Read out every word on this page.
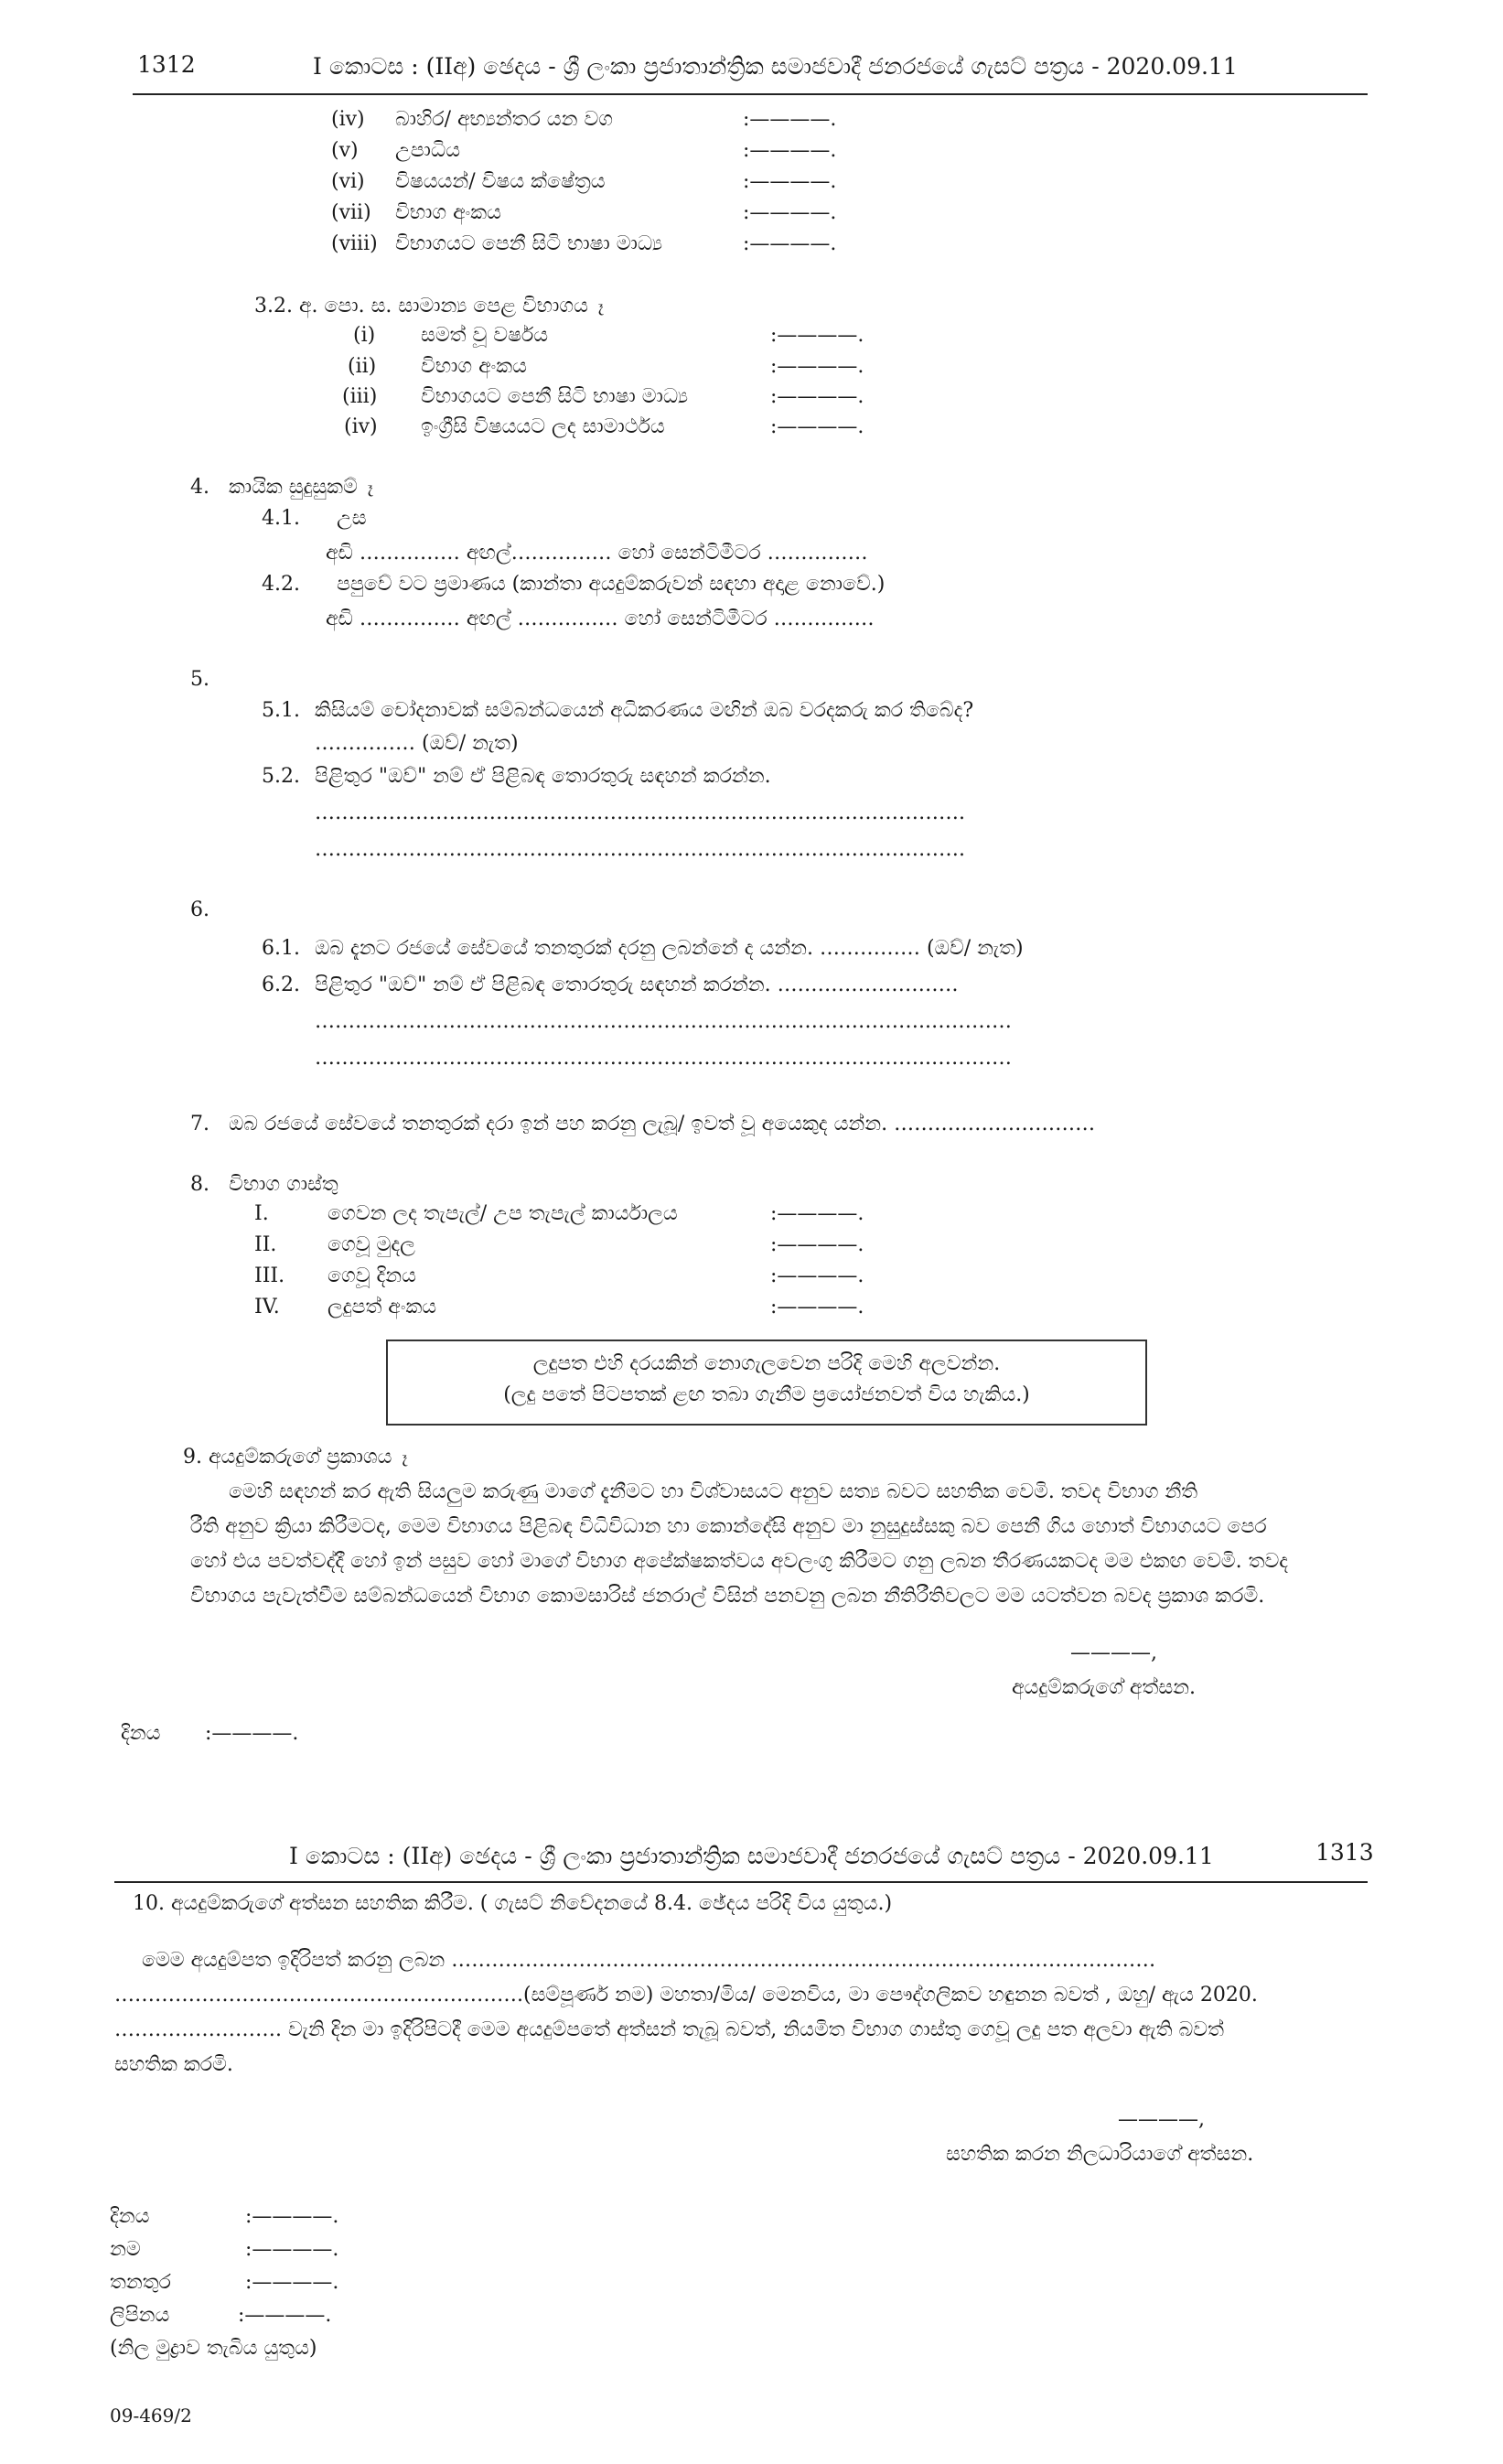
1312	I කොටස : (IIඅ) ඡෙදය - ශ්‍රී ලංකා ප්‍රජාතාන්ත්‍රික සමාජවාදී ජනරජයේ ගැසට් පත්‍රය - 2020.09.11
(iv) බාහිර/ අභ්‍යන්තර යන වග	:————.
(v) උපාධිය	:————.
(vi) විෂයයන්/ විෂය ක්ෂේත්‍රය	:————.
(vii) විභාග අංකය	:————.
(viii) විභාගයට පෙනී සිටි භාෂා මාධ්‍ය	:————.
3.2. අ. පො. ස. සාමාන්‍ය පෙළ විභාගය ෑ
(i) සමත් වූ වර්ෂය	:————.
(ii) විභාග අංකය	:————.
(iii) විභාගයට පෙනී සිටි භාෂා මාධ්‍ය	:————.
(iv) ඉංග්‍රීසි විෂයයට ලද සාමාර්ථය	:————.
4. කායික සුදුසුකම් ෑ
4.1. උස
අඩි …………… අඟල්…………… හෝ සෙන්ටිමීටර ……………
4.2. පපුවේ වට ප්‍රමාණය (කාන්තා අයදුම්කරුවන් සඳහා අදාළ නොවේ.)
අඩි …………… අඟල් …………… හෝ සෙන්ටිමීටර ……………
5.
5.1. කිසියම් චෝදනාවක් සම්බන්ධයෙන් අධිකරණය මඟින් ඔබ වරදකරු කර තිබේද?
…………… (ඔව්/ නැත)
5.2. පිළිතුර "ඔව්" නම් ඒ පිළිබඳ තොරතුරු සඳහන් කරන්න.
…………………………………………………………………………………….
…………………………………………………………………………………….
6.
6.1. ඔබ දැනට රජයේ සේවයේ තනතුරක් දරනු ලබන්නේ ද යන්න. …………… (ඔව්/ නැත)
6.2. පිළිතුර "ඔව්" නම් ඒ පිළිබඳ තොරතුරු සඳහන් කරන්න. ………………………
………………………………………………………………………………..…………
………………………………………………………………………………..…………
7. ඔබ රජයේ සේවයේ තනතුරක් දරා ඉන් පහ කරනු ලැබූ/ ඉවත් වූ අයෙකුද යන්න. …………………………
8. විභාග ගාස්තු
I.	ගෙවන ලද තැපැල්/ උප තැපැල් කාර්යාලය	:————.
II.	ගෙවූ මුදල	:————.
III. ගෙවූ දිනය	:————.
IV. ලදුපත් අංකය	:————.
ලදුපත එහි දරයකින් නොගැලවෙන පරිදි මෙහි අලවන්න.
(ලදු පතේ පිටපතක් ළඟ තබා ගැනීම ප්‍රයෝජනවත් විය හැකිය.)
9. අයදුම්කරුගේ ප්‍රකාශය ෑ
මෙහි සඳහන් කර ඇති සියලුම කරුණු මාගේ දැනීමට හා විශ්වාසයට අනුව සත්‍ය බවට සහතික වෙමි. තවද විභාග නීති
රීති අනුව ක්‍රියා කිරීමටද, මෙම විභාගය පිළිබඳ විධිවිධාන හා කොන්දේසි අනුව මා නුසුදුස්සකු බව පෙනී ගිය හොත් විභාගයට පෙර
හෝ එය පවත්වද්දී හෝ ඉන් පසුව හෝ මාගේ විභාග අපේක්ෂකත්වය අවලංගු කිරීමට ගනු ලබන තීරණයකටද මම එකඟ වෙමි. තවද
විභාගය පැවැත්වීම සම්බන්ධයෙන් විභාග කොමසාරිස් ජනරාල් විසින් පනවනු ලබන නීතිරීතිවලට මම යටත්වන බවද ප්‍රකාශ කරමි.
————,
අයදුම්කරුගේ අත්සන.
දිනය :————.
I කොටස : (IIඅ) ඡෙදය - ශ්‍රී ලංකා ප්‍රජාතාන්ත්‍රික සමාජවාදී ජනරජයේ ගැසට් පත්‍රය - 2020.09.11	1313
10. අයදුම්කරුගේ අත්සන සහතික කිරීම. ( ගැසට් නිවේදනයේ 8.4. ඡේදය පරිදි විය යුතුය.)
මෙම අයදුම්පත ඉදිරිපත් කරනු ලබන ……………………………………………………………………………………………
…………………………………………………….(සම්පූර්ණ නම) මහතා/මිය/ මෙනවිය, මා පෞද්ගලිකව හඳුනන බවත් , ඔහු/ ඇය 2020.
……………………. වැනි දින මා ඉදිරිපිටදී මෙම අයදුම්පතේ අත්සන් තැබූ බවත්, නියමිත විභාග ගාස්තු ගෙවූ ලදු පත අලවා ඇති බවත්
සහතික කරමි.
————,
සහතික කරන නිලධාරියාගේ අත්සන.
දිනය	:————.
නම	:————.
තනතුර	:————.
ලිපිනය	:————.
(නිල මුද්‍රාව තැබිය යුතුය)
09-469/2
